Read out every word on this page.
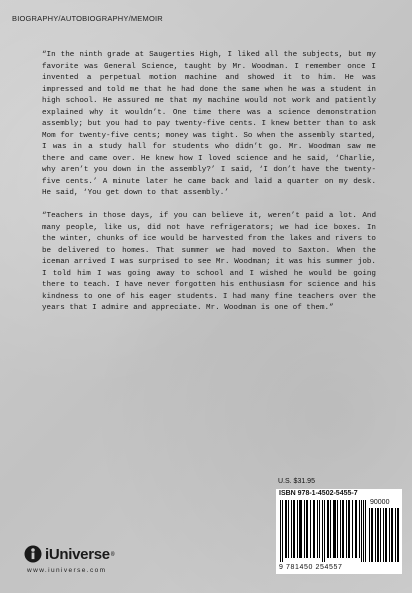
BIOGRAPHY/AUTOBIOGRAPHY/MEMOIR

“In the ninth grade at Saugerties High, I liked all the subjects, but my favorite was General Science, taught by Mr. Woodman. I remember once I invented a perpetual motion machine and showed it to him. He was impressed and told me that he had done the same when he was a student in high school. He assured me that my machine would not work and patiently explained why it wouldn’t. One time there was a science demonstration assembly; but you had to pay twenty-five cents. I knew better than to ask Mom for twenty-five cents; money was tight. So when the assembly started, I was in a study hall for students who didn’t go. Mr. Woodman saw me there and came over. He knew how I loved science and he said, ‘Charlie, why aren’t you down in the assembly?’ I said, ‘I don’t have the twenty-five cents.’ A minute later he came back and laid a quarter on my desk. He said, ‘You get down to that assembly.’

“Teachers in those days, if you can believe it, weren’t paid a lot. And many people, like us, did not have refrigerators; we had ice boxes. In the winter, chunks of ice would be harvested from the lakes and rivers to be delivered to homes. That summer we had moved to Saxton. When the iceman arrived I was surprised to see Mr. Woodman; it was his summer job. I told him I was going away to school and I wished he would be going there to teach. I have never forgotten his enthusiasm for science and his kindness to one of his eager students. I had many fine teachers over the years that I admire and appreciate. Mr. Woodman is one of them.”

U.S. $31.95
ISBN 978-1-4502-5455-7
90000
9 781450 254557
iUniverse ®
www.iuniverse.com
